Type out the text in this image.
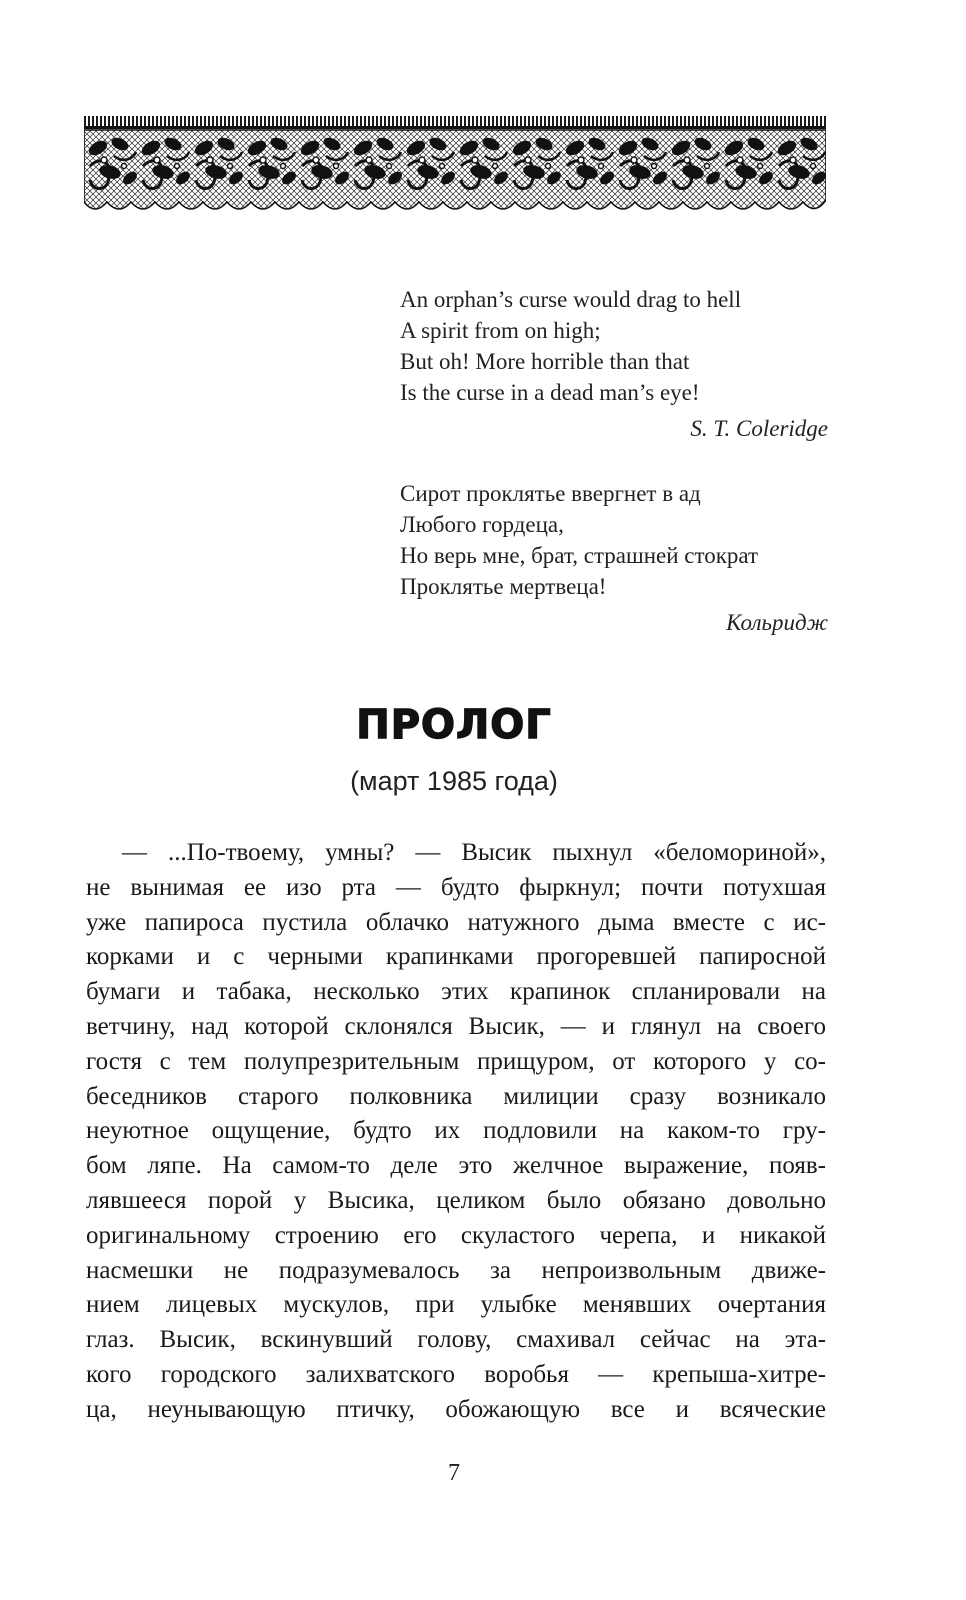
An orphan’s curse would drag to hell
A spirit from on high;
But oh! More horrible than that
Is the curse in a dead man’s eye!
S. T. Coleridge
Сирот проклятье ввергнет в ад
Любого гордеца,
Но верь мне, брат, страшней стократ
Проклятье мертвеца!
Кольридж
ПРОЛОГ
(март 1985 года)
— ...По-твоему, умны? — Высик пыхнул «беломориной»,
не вынимая ее изо рта — будто фыркнул; почти потухшая
уже папироса пустила облачко натужного дыма вместе с ис-
корками и с черными крапинками прогоревшей папиросной
бумаги и табака, несколько этих крапинок спланировали на
ветчину, над которой склонялся Высик, — и глянул на своего
гостя с тем полупрезрительным прищуром, от которого у со-
беседников старого полковника милиции сразу возникало
неуютное ощущение, будто их подловили на каком-то гру-
бом ляпе. На самом-то деле это желчное выражение, появ-
лявшееся порой у Высика, целиком было обязано довольно
оригинальному строению его скуластого черепа, и никакой
насмешки не подразумевалось за непроизвольным движе-
нием лицевых мускулов, при улыбке менявших очертания
глаз. Высик, вскинувший голову, смахивал сейчас на эта-
кого городского залихватского воробья — крепыша-хитре-
ца, неунывающую птичку, обожающую все и всяческие
7
